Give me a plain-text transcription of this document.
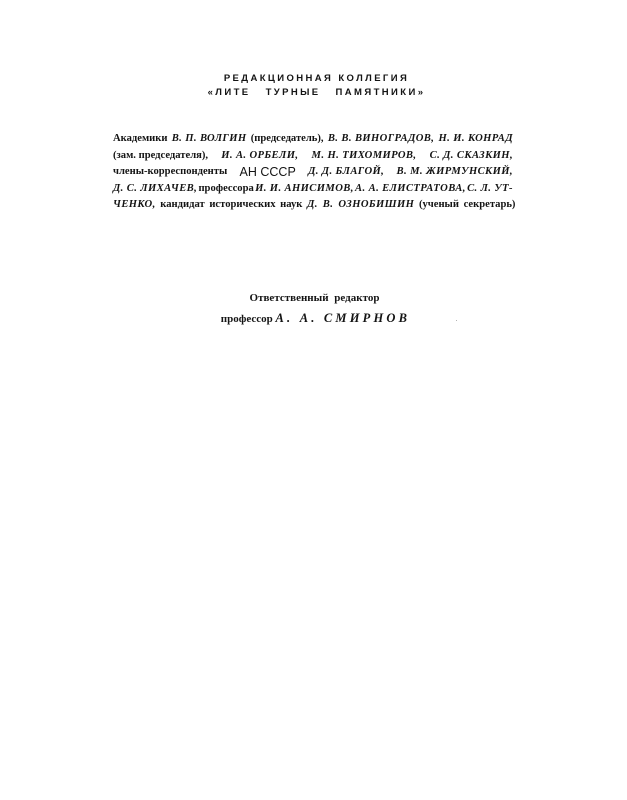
РЕДАКЦИОННАЯ КОЛЛЕГИЯ
«ЛИТЕ ТУРНЫЕ ПАМЯТНИКИ»
Академики В. П. ВОЛГИН (председатель), В. В. ВИНОГРАДОВ, Н. И. КОНРАД
(зам. председателя), И. А. ОРБЕЛИ, М. Н. ТИХОМИРОВ, С. Д. СКАЗКИН,
члены-корреспонденты АН СССР Д. Д. БЛАГОЙ, В. М. ЖИРМУНСКИЙ,
Д. С. ЛИХАЧЕВ, профессора И. И. АНИСИМОВ, А. А. ЕЛИСТРАТОВА, С. Л. УТ-
ЧЕНКО,
кандидат исторических наук
Д. В. ОЗНОБИШИН
(ученый секретарь)
Ответственный редактор
профессор А. А. СМИРНОВ
